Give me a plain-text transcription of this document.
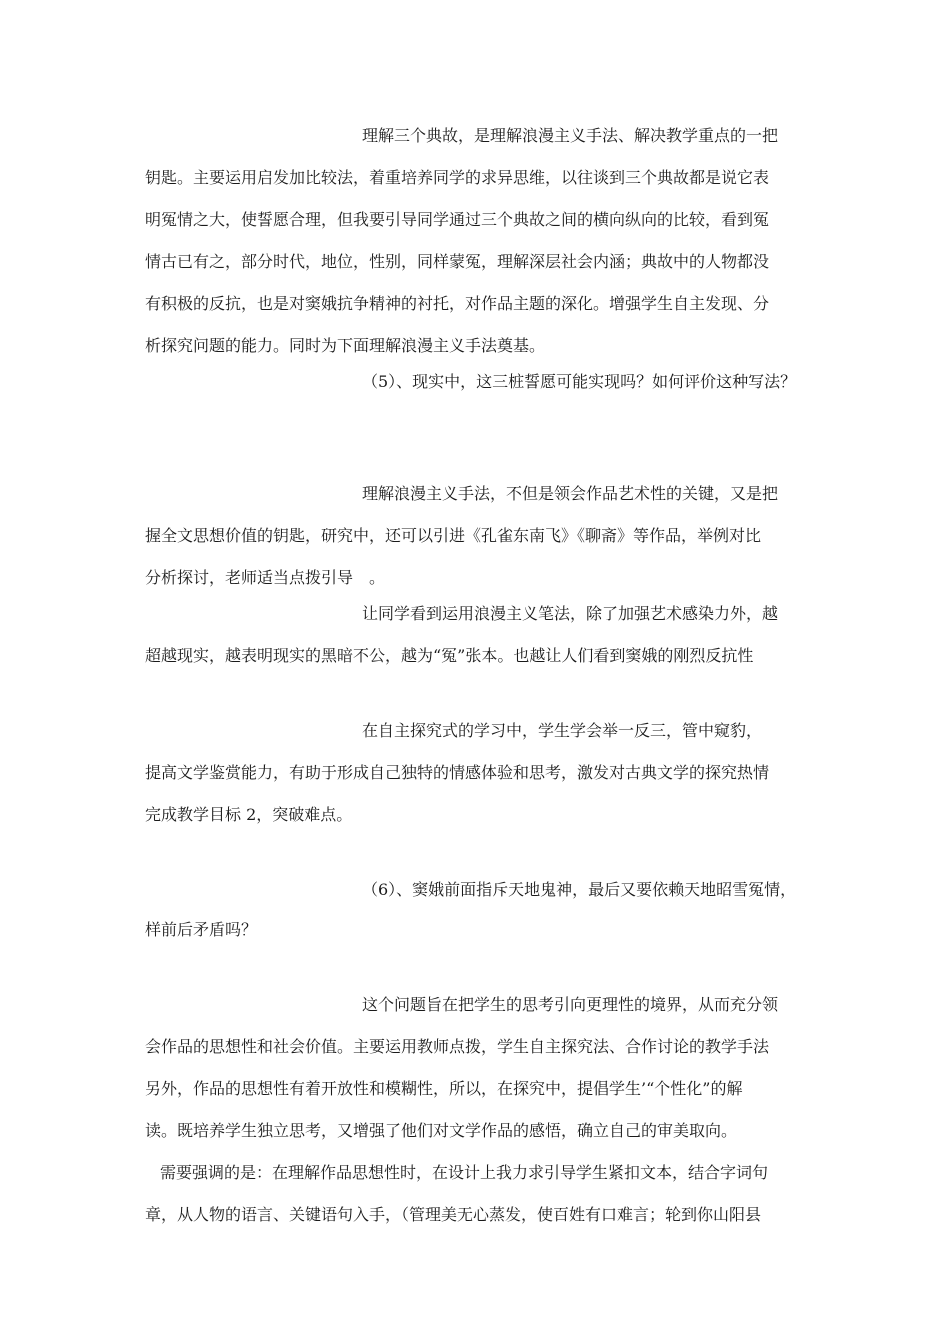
理解三个典故，是理解浪漫主义手法、解决教学重点的一把

钥匙。主要运用启发加比较法，着重培养同学的求异思维，以往谈到三个典故都是说它表

明冤情之大，使誓愿合理，但我要引导同学通过三个典故之间的横向纵向的比较，看到冤

情古已有之，部分时代，地位，性别，同样蒙冤，理解深层社会内涵；典故中的人物都没

有积极的反抗，也是对窦娥抗争精神的衬托，对作品主题的深化。增强学生自主发现、分

析探究问题的能力。同时为下面理解浪漫主义手法奠基。

（5）、现实中，这三桩誓愿可能实现吗？如何评价这种写法？

理解浪漫主义手法，不但是领会作品艺术性的关键，又是把

握全文思想价值的钥匙，研究中，还可以引进《孔雀东南飞》《聊斋》等作品，举例对比

分析探讨，老师适当点拨引导　。

让同学看到运用浪漫主义笔法，除了加强艺术感染力外，越

超越现实，越表明现实的黑暗不公，越为“冤”张本。也越让人们看到窦娥的刚烈反抗性

在自主探究式的学习中，学生学会举一反三，管中窥豹，

提高文学鉴赏能力，有助于形成自己独特的情感体验和思考，激发对古典文学的探究热情

完成教学目标 2，突破难点。

（6）、窦娥前面指斥天地鬼神，最后又要依赖天地昭雪冤情，

样前后矛盾吗？

这个问题旨在把学生的思考引向更理性的境界，从而充分领

会作品的思想性和社会价值。主要运用教师点拨，学生自主探究法、合作讨论的教学手法

另外，作品的思想性有着开放性和模糊性，所以，在探究中，提倡学生’“个性化”的解

读。既培养学生独立思考，又增强了他们对文学作品的感悟，确立自己的审美取向。

需要强调的是：在理解作品思想性时，在设计上我力求引导学生紧扣文本，结合字词句

章，从人物的语言、关键语句入手，（管理美无心蒸发，使百姓有口难言；轮到你山阳县
